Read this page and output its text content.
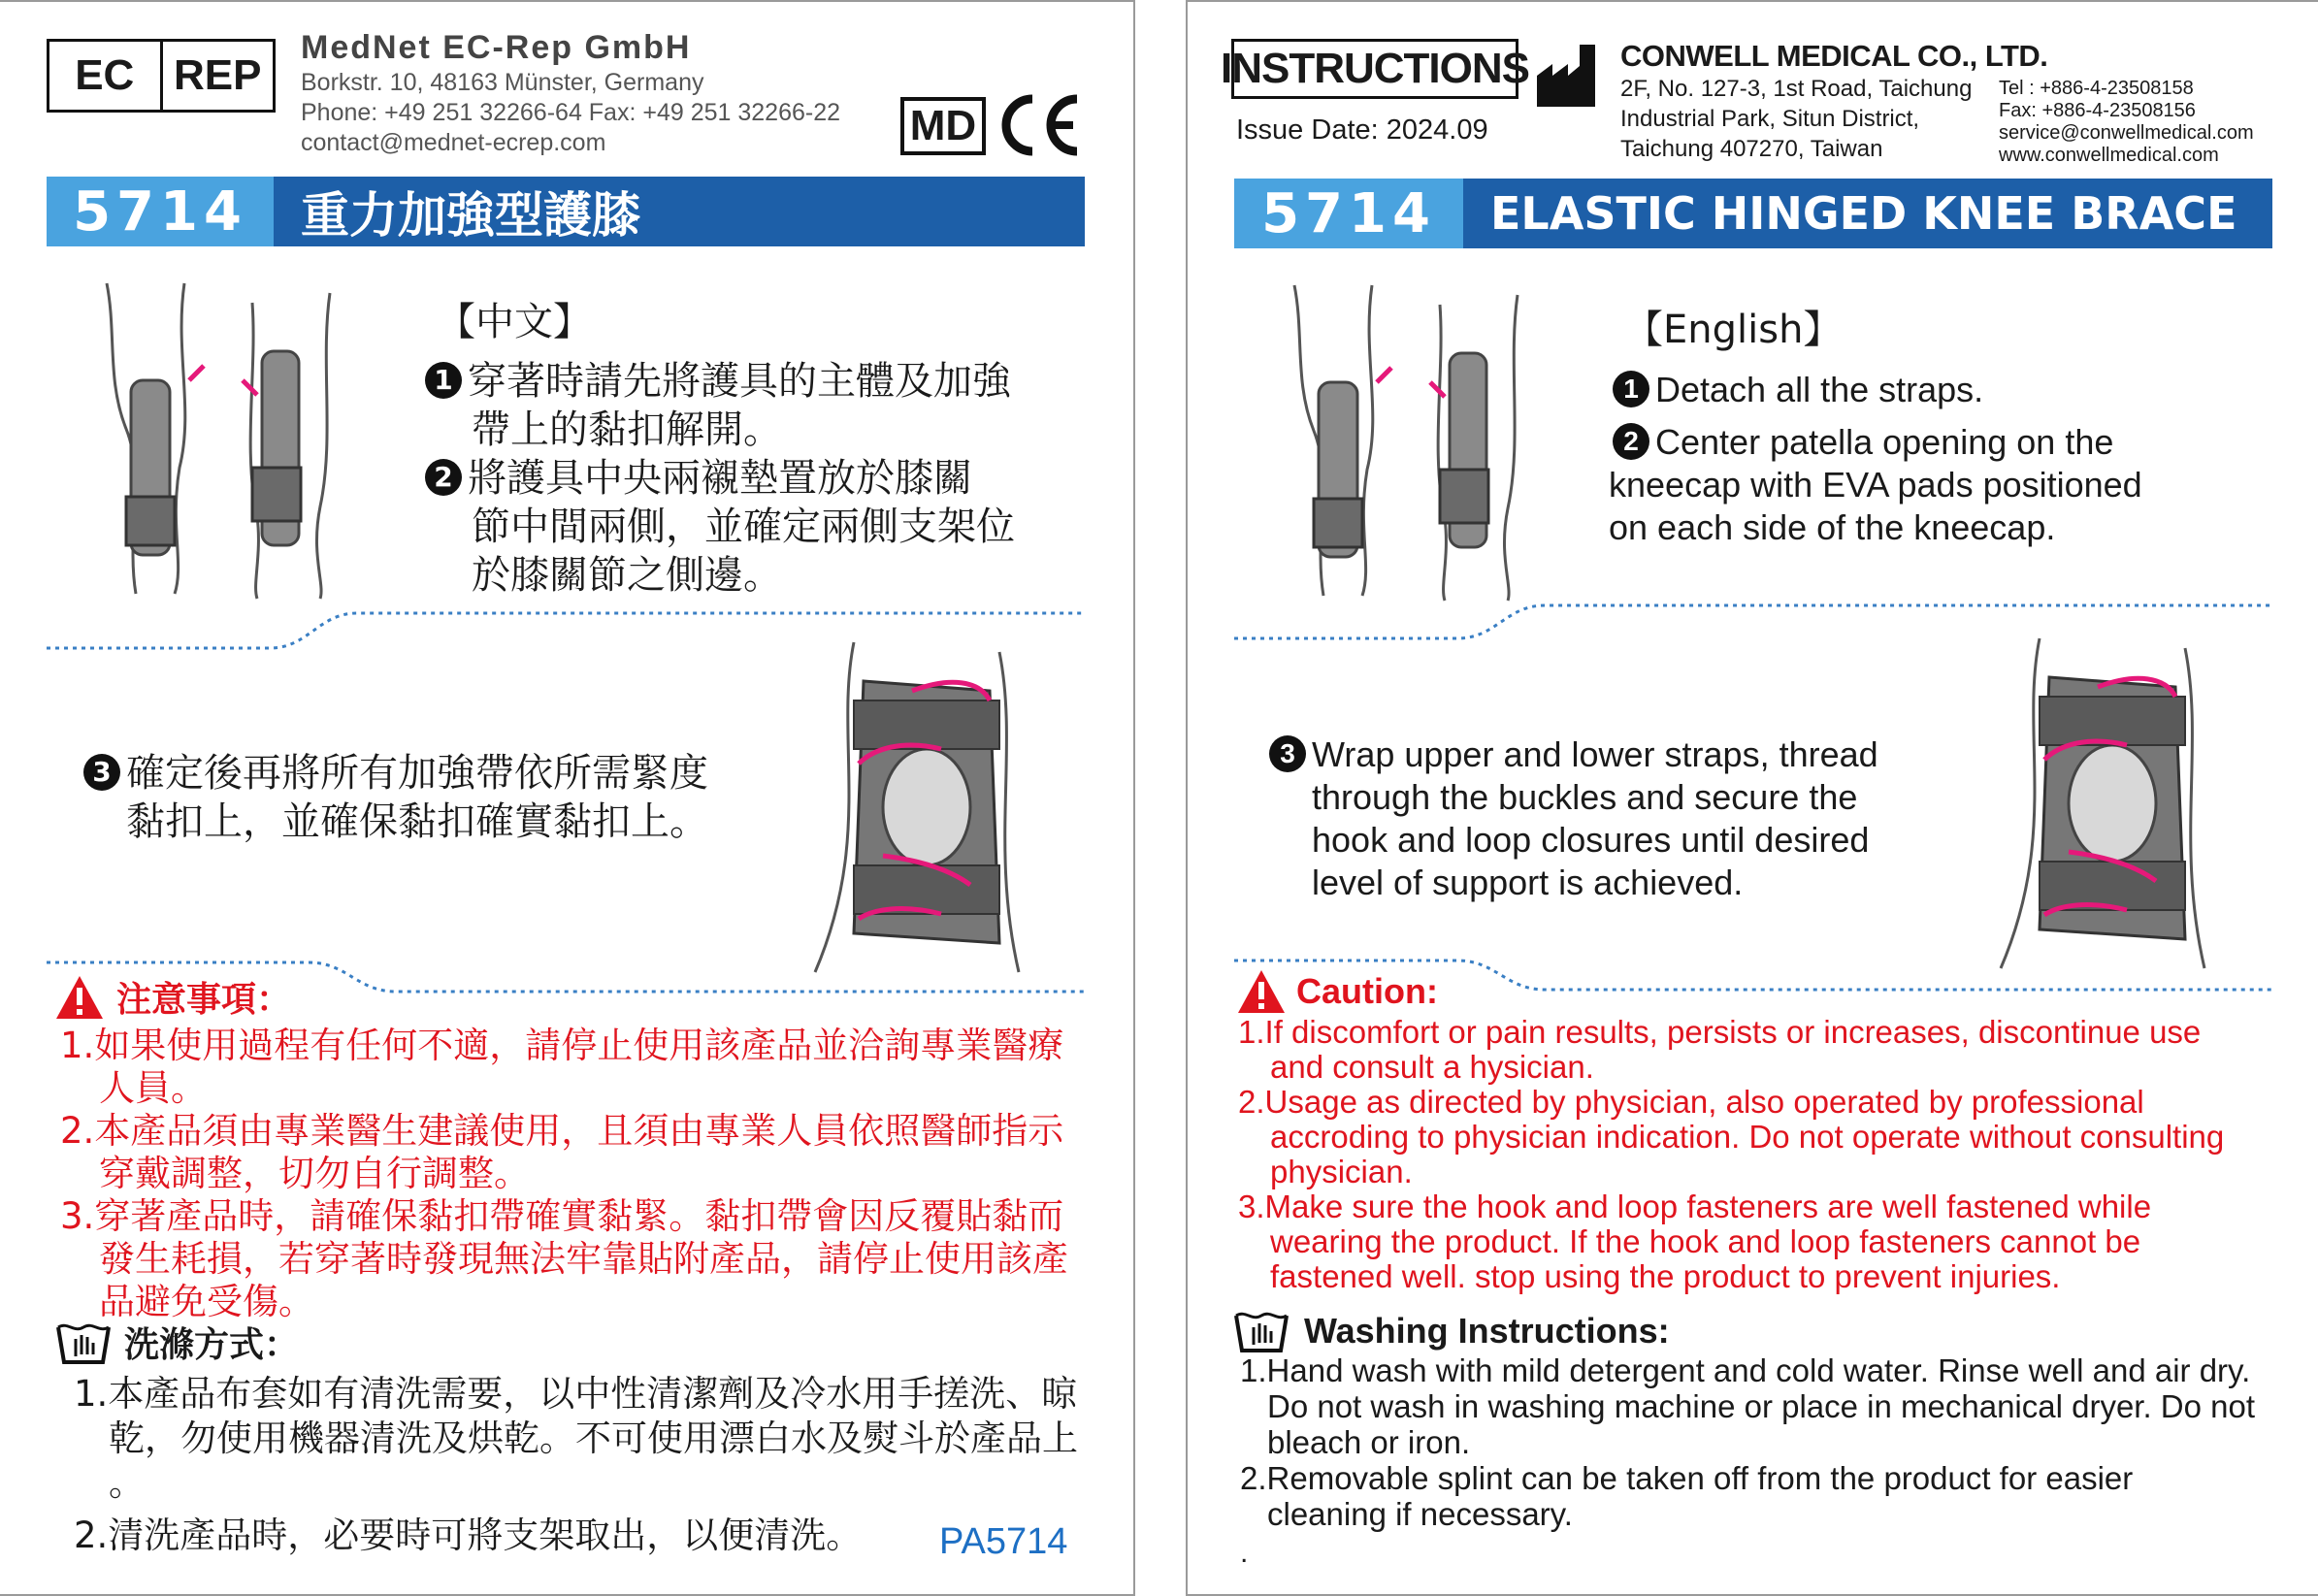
EC REP
MedNet EC-Rep GmbH
Borkstr. 10, 48163 Münster, Germany
Phone: +49 251 32266-64 Fax: +49 251 32266-22
contact@mednet-ecrep.com	MD
5714	重力加強型護膝
【中文】
1 穿著時請先將護具的主體及加強
帶上的黏扣解開。
2 將護具中央兩襯墊置放於膝關
節中間兩側，並確定兩側支架位
於膝關節之側邊。
3 確定後再將所有加強帶依所需緊度
黏扣上，並確保黏扣確實黏扣上。
注意事項：
1.如果使用過程有任何不適，請停止使用該產品並洽詢專業醫療
人員。
2.本產品須由專業醫生建議使用，且須由專業人員依照醫師指示
穿戴調整，切勿自行調整。
3.穿著產品時，請確保黏扣帶確實黏緊。黏扣帶會因反覆貼黏而
發生耗損，若穿著時發現無法牢靠貼附產品，請停止使用該產
品避免受傷。
洗滌方式：
1.本產品布套如有清洗需要，以中性清潔劑及冷水用手搓洗、晾
乾，勿使用機器清洗及烘乾。不可使用漂白水及熨斗於產品上
。
2.清洗產品時，必要時可將支架取出，以便清洗。	PA5714
INSTRUCTIONS
Issue Date: 2024.09
CONWELL MEDICAL CO., LTD.
2F, No. 127-3, 1st Road, Taichung
Industrial Park, Situn District,
Taichung 407270, Taiwan
Tel : +886-4-23508158
Fax: +886-4-23508156
service@conwellmedical.com
www.conwellmedical.com
5714	ELASTIC HINGED KNEE BRACE
【English】
1 Detach all the straps.
2 Center patella opening on the
kneecap with EVA pads positioned
on each side of the kneecap.
3 Wrap upper and lower straps, thread
through the buckles and secure the
hook and loop closures until desired
level of support is achieved.
Caution:
1.If discomfort or pain results, persists or increases, discontinue use
and consult a hysician.
2.Usage as directed by physician, also operated by professional
accroding to physician indication. Do not operate without consulting
physician.
3.Make sure the hook and loop fasteners are well fastened while
wearing the product. If the hook and loop fasteners cannot be
fastened well. stop using the product to prevent injuries.
Washing Instructions:
1.Hand wash with mild detergent and cold water. Rinse well and air dry.
Do not wash in washing machine or place in mechanical dryer. Do not
bleach or iron.
2.Removable splint can be taken off from the product for easier
cleaning if necessary.
.
